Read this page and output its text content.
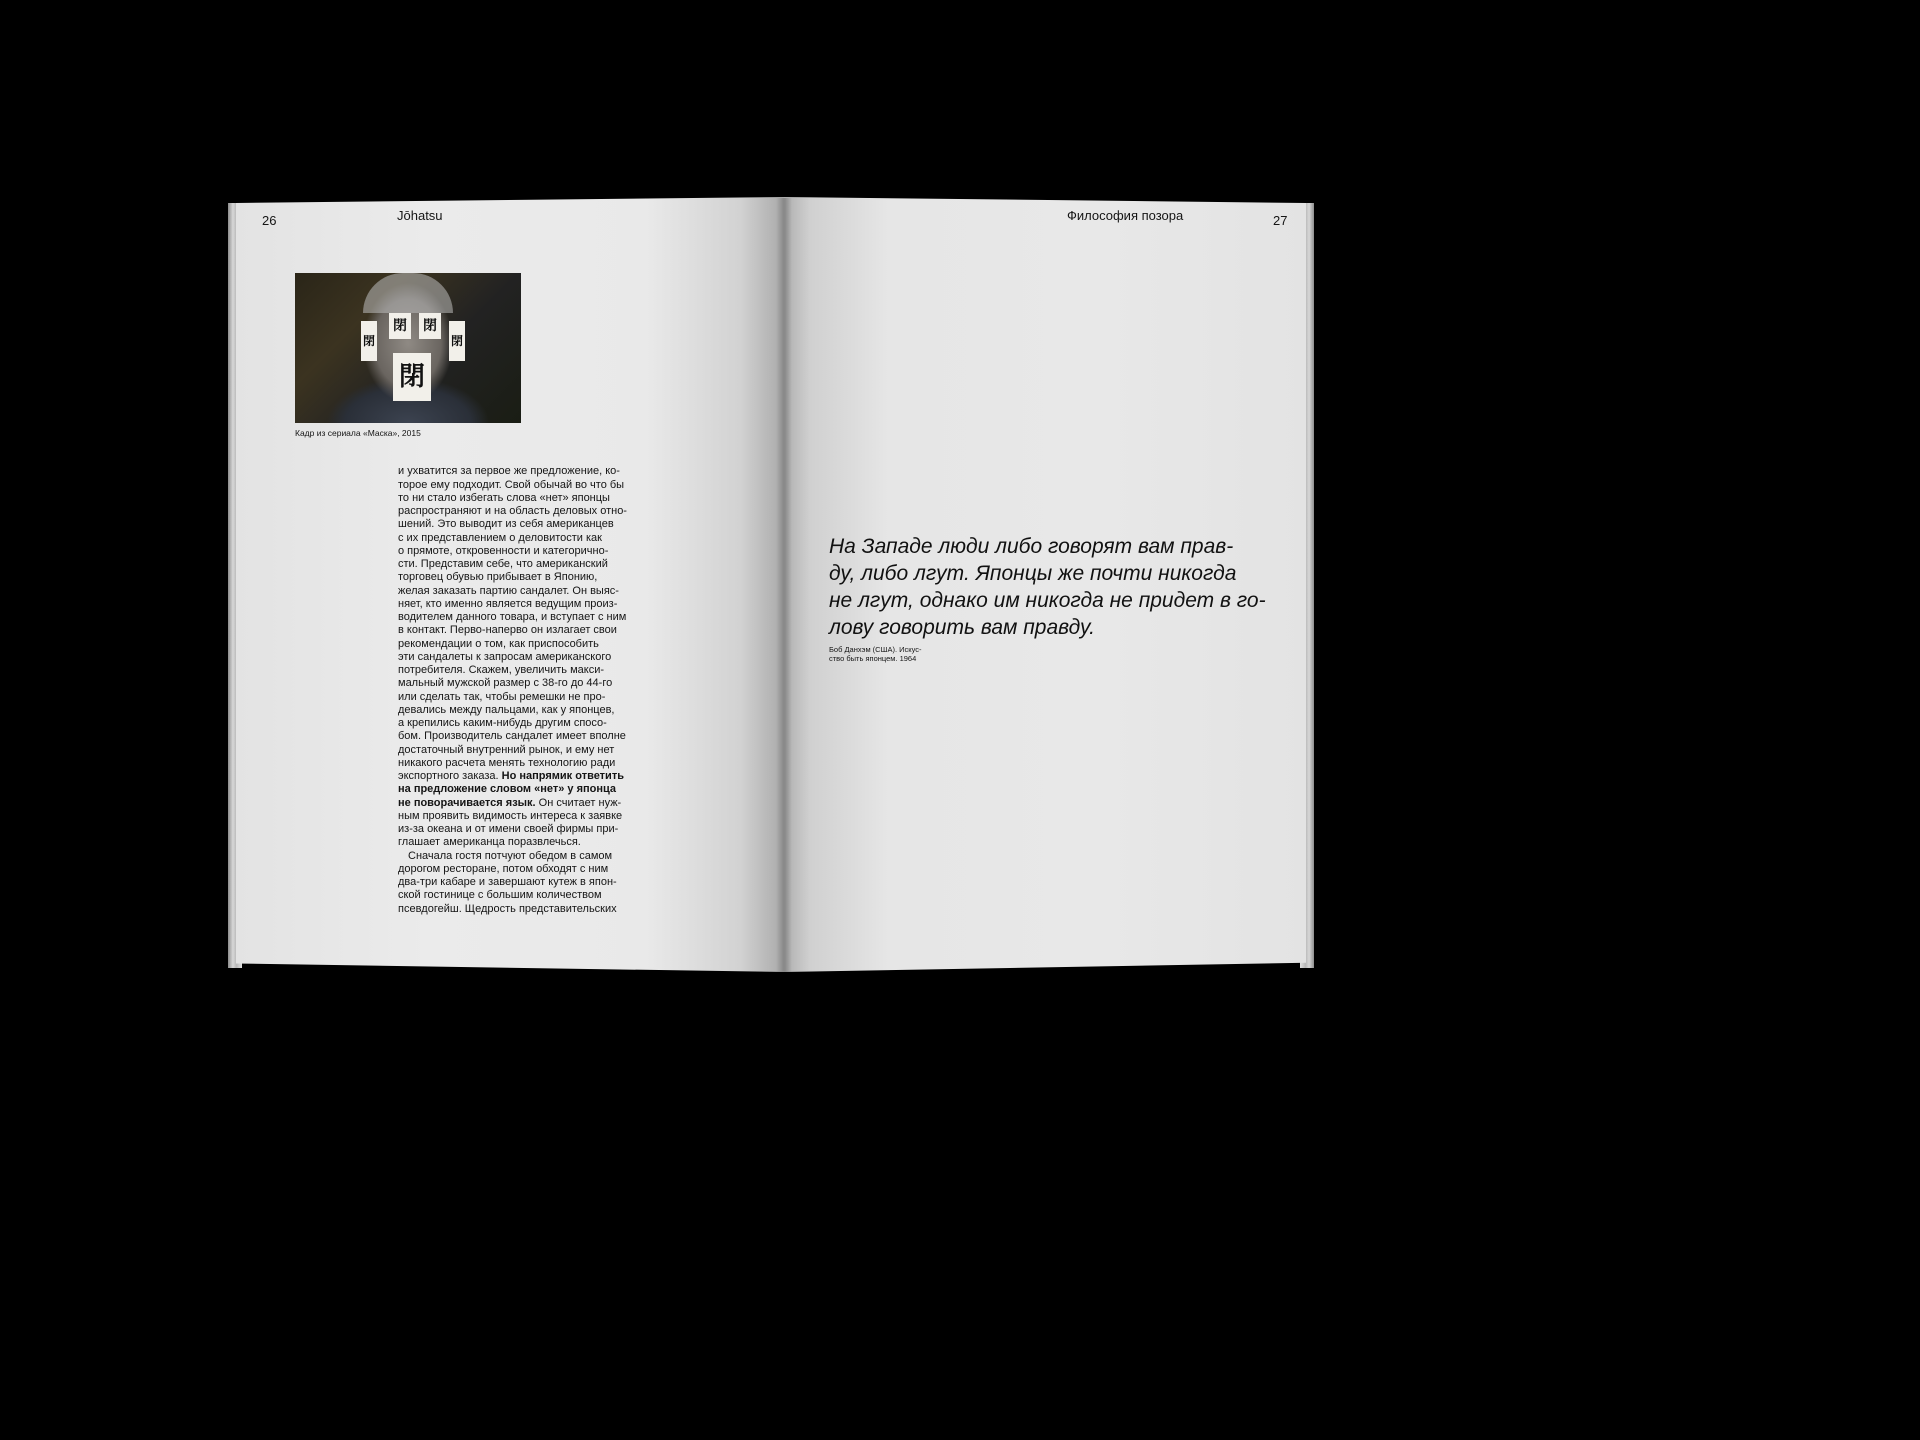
26	Jōhatsu
閉 閉
閉
閉	閉
Кадр из сериала «Маска», 2015

и ухватится за первое же предложение, ко-
торое ему подходит. Свой обычай во что бы
то ни стало избегать слова «нет» японцы
распространяют и на область деловых отно-
шений. Это выводит из себя американцев
с их представлением о деловитости как
о прямоте, откровенности и категорично-
сти. Представим себе, что американский
торговец обувью прибывает в Японию,
желая заказать партию сандалет. Он выяс-
няет, кто именно является ведущим произ-
водителем данного товара, и вступает с ним
в контакт. Перво-наперво он излагает свои
рекомендации о том, как приспособить
эти сандалеты к запросам американского
потребителя. Скажем, увеличить макси-
мальный мужской размер с 38-го до 44-го
или сделать так, чтобы ремешки не про-
девались между пальцами, как у японцев,
а крепились каким-нибудь другим спосо-
бом. Производитель сандалет имеет вполне
достаточный внутренний рынок, и ему нет
никакого расчета менять технологию ради
экспортного заказа. Но напрямик ответить
на предложение словом «нет» у японца
не поворачивается язык. Он считает нуж-
ным проявить видимость интереса к заявке
из-за океана и от имени своей фирмы при-
глашает американца поразвлечься.
Сначала гостя потчуют обедом в самом
дорогом ресторане, потом обходят с ним
два-три кабаре и завершают кутеж в япон-
ской гостинице с большим количеством
псевдогейш. Щедрость представительских
Философия позора	27
На Западе люди либо говорят вам прав-
ду, либо лгут. Японцы же почти никогда
не лгут, однако им никогда не придет в го-
лову говорить вам правду.
Боб Данхэм (США). Искус-
ство быть японцем. 1964
